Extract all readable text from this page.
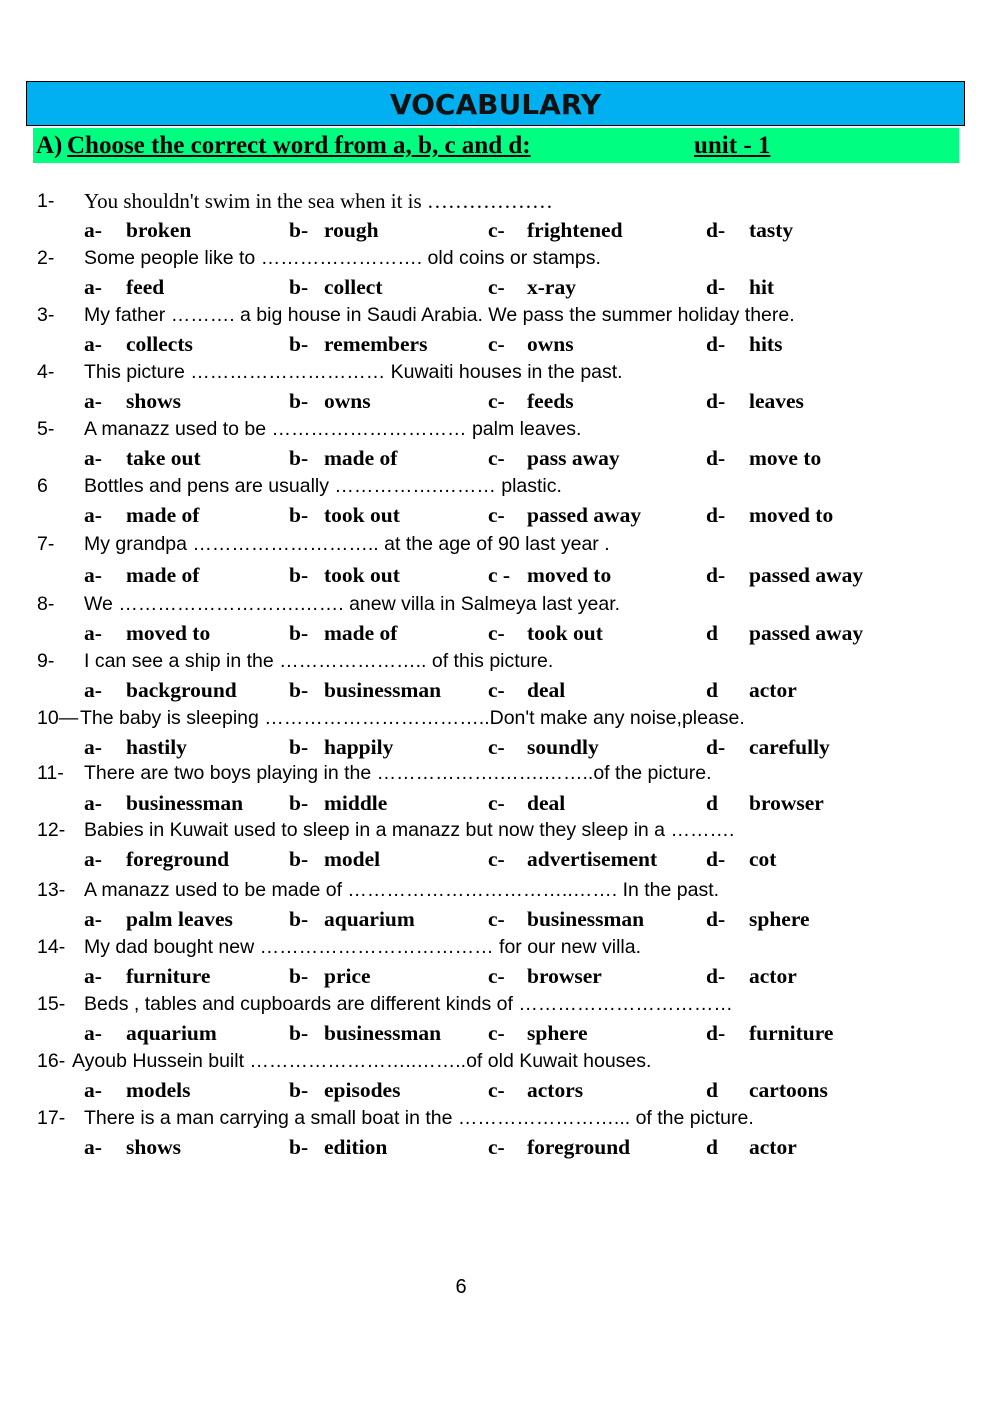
VOCABULARY
A) Choose the correct word from a, b, c and d:	unit - 1
1- You shouldn't swim in the sea when it is ………………
a- broken	b- rough	c- frightened	d- tasty
2- Some people like to ……………………. old coins or stamps.
a- feed	b- collect	c- x-ray	d- hit
3- My father ………. a big house in Saudi Arabia. We pass the summer holiday there.
a- collects	b- remembers	c- owns	d- hits
4- This picture ………………………… Kuwaiti houses in the past.
a- shows	b- owns	c- feeds	d- leaves
5- A manazz used to be ………………………… palm leaves.
a- take out	b- made of	c- pass away	d- move to
6 Bottles and pens are usually …………….……… plastic.
a- made of	b- took out	c- passed away	d- moved to
7- My grandpa ……………………….. at the age of 90 last year .
a- made of	b- took out	c - moved to	d- passed away
8- We ……………………….……. anew villa in Salmeya last year.
a- moved to	b- made of	c- took out	d passed away
9- I can see a ship in the ………………….. of this picture.
a- background b- businessman c- deal	d actor
10— The baby is sleeping ……………………………..Don't make any noise,please.
a- hastily	b- happily	c- soundly	d- carefully
11- There are two boys playing in the ……………….…….……..of the picture.
a- businessman b- middle	c- deal	d browser
12- Babies in Kuwait used to sleep in a manazz but now they sleep in a ……….
a- foreground	b- model	c- advertisement d- cot
13- A manazz used to be made of ……………………………..……. In the past.
a- palm leaves	b- aquarium	c- businessman	d- sphere
14- My dad bought new ……………………………… for our new villa.
a- furniture	b- price	c- browser	d- actor
15- Beds , tables and cupboards are different kinds of ……………………………
a- aquarium	b- businessman c- sphere	d- furniture
16- Ayoub Hussein built ……………………..……..of old Kuwait houses.
a- models	b- episodes	c- actors	d cartoons
17- There is a man carrying a small boat in the ……………………... of the picture.
a- shows	b- edition	c- foreground	d actor
6
